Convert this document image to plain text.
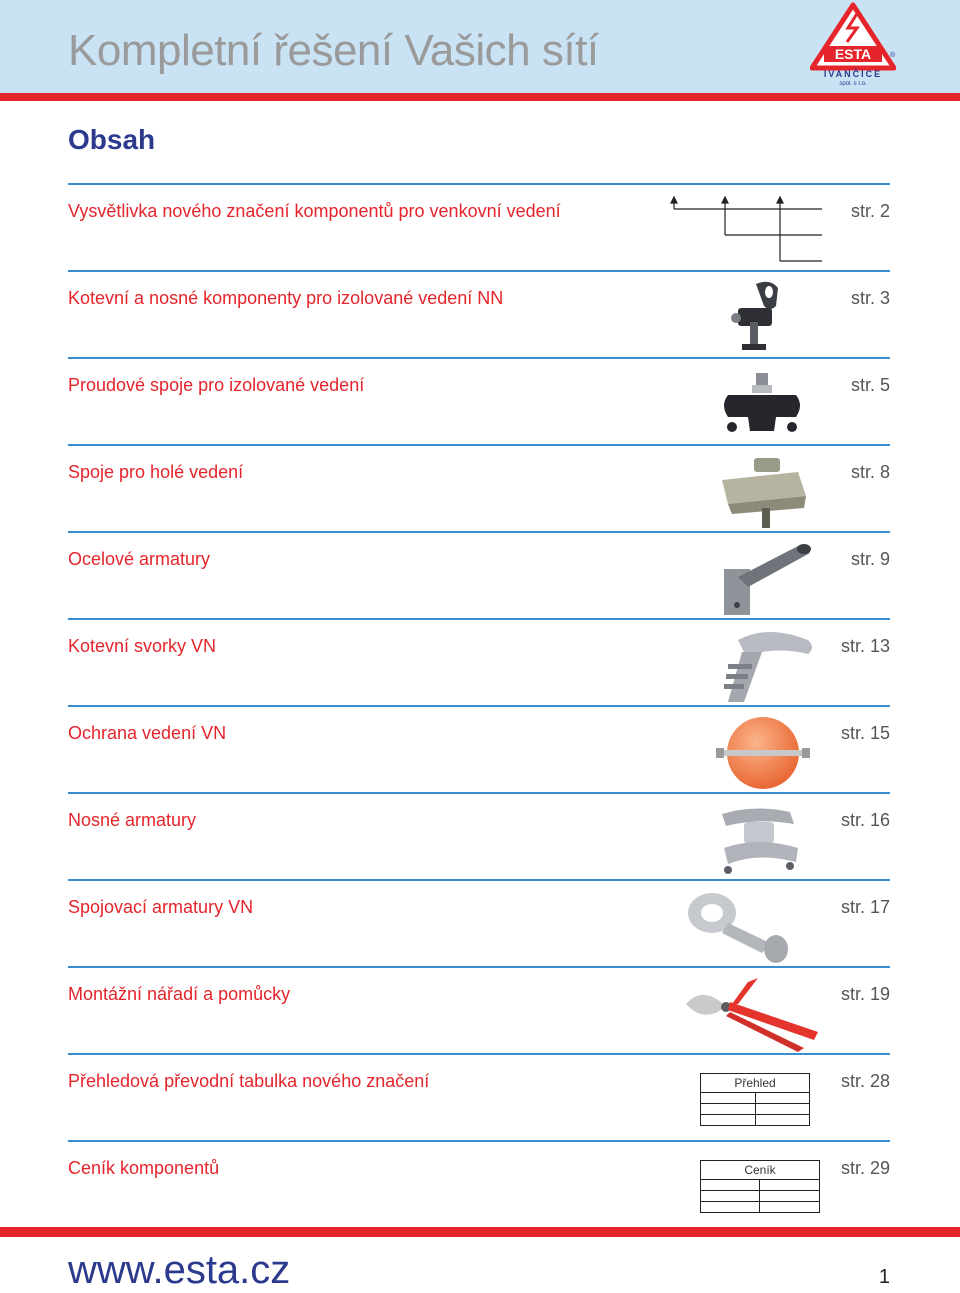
Kompletní řešení Vašich sítí	ESTA	®
IVANČICE
spol. s r.o.
Obsah
Vysvětlivka nového značení komponentů pro venkovní vedení	str. 2
Kotevní a nosné komponenty pro izolované vedení NN	str. 3
Proudové spoje pro izolované vedení	str. 5
Spoje pro holé vedení	str. 8
Ocelové armatury	str. 9
Kotevní svorky VN	str. 13
Ochrana vedení VN	str. 15
Nosné armatury	str. 16
Spojovací armatury VN	str. 17
Montážní nářadí a pomůcky	str. 19
Přehledová převodní tabulka nového značení	str. 28
Přehled	

Ceník komponentů	str. 29
Ceník	

www.esta.cz	1
